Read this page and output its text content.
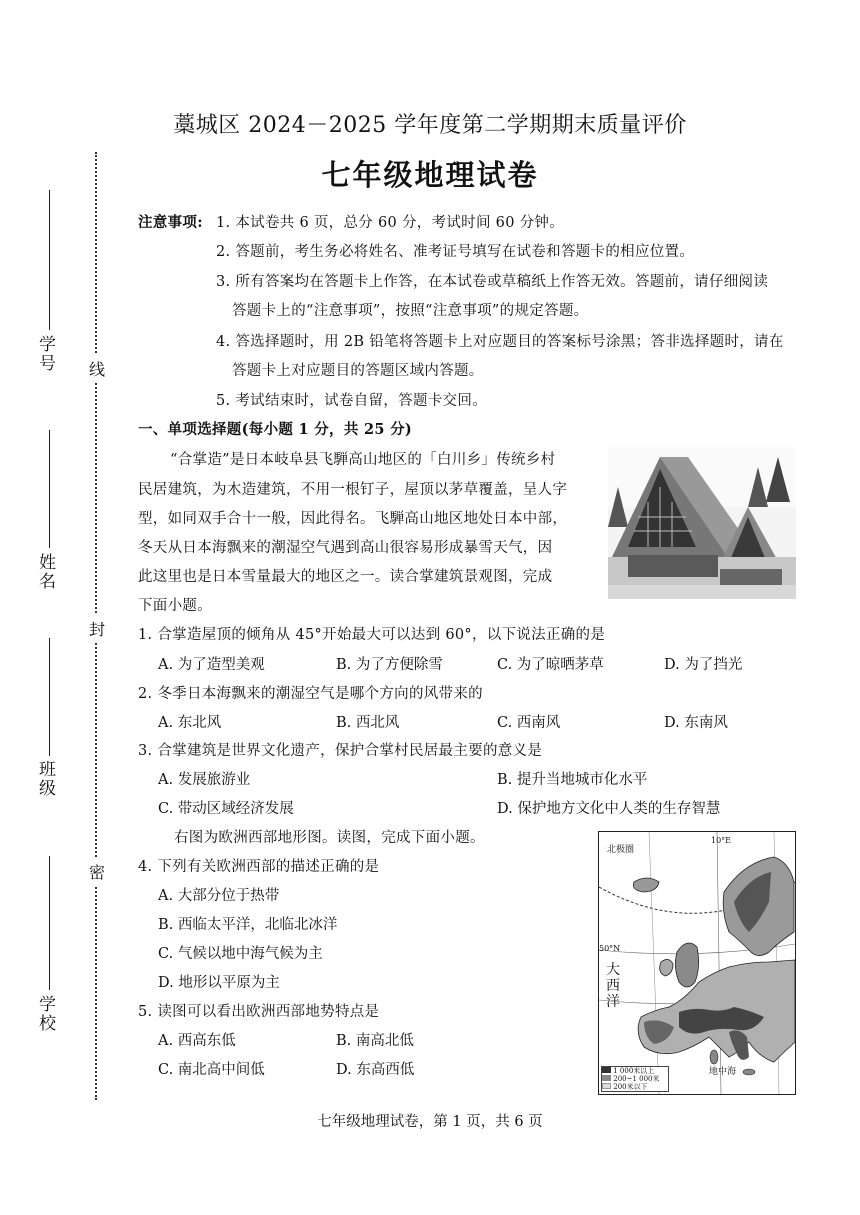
学号
姓名
班级
学校
线
封
密
藁城区 2024－2025 学年度第二学期期末质量评价
七年级地理试卷
注意事项: 1. 本试卷共 6 页，总分 60 分，考试时间 60 分钟。
2. 答题前，考生务必将姓名、准考证号填写在试卷和答题卡的相应位置。
3. 所有答案均在答题卡上作答，在本试卷或草稿纸上作答无效。答题前，请仔细阅读
答题卡上的“注意事项”，按照“注意事项”的规定答题。
4. 答选择题时，用 2B 铅笔将答题卡上对应题目的答案标号涂黑；答非选择题时，请在
答题卡上对应题目的答题区域内答题。
5. 考试结束时，试卷自留，答题卡交回。
一、单项选择题(每小题 1 分，共 25 分)
“合掌造”是日本岐阜县飞騨高山地区的「白川乡」传统乡村
民居建筑，为木造建筑，不用一根钉子，屋顶以茅草覆盖，呈人字
型，如同双手合十一般，因此得名。飞騨高山地区地处日本中部，
冬天从日本海飘来的潮湿空气遇到高山很容易形成暴雪天气，因
此这里也是日本雪量最大的地区之一。读合掌建筑景观图，完成
下面小题。
1. 合掌造屋顶的倾角从 45°开始最大可以达到 60°，以下说法正确的是
A. 为了造型美观	B. 为了方便除雪	C. 为了晾晒茅草	D. 为了挡光
2. 冬季日本海飘来的潮湿空气是哪个方向的风带来的
A. 东北风	B. 西北风	C. 西南风	D. 东南风
3. 合掌建筑是世界文化遗产，保护合掌村民居最主要的意义是
A. 发展旅游业	B. 提升当地城市化水平
C. 带动区域经济发展	D. 保护地方文化中人类的生存智慧
右图为欧洲西部地形图。读图，完成下面小题。
4. 下列有关欧洲西部的描述正确的是
A. 大部分位于热带
B. 西临太平洋，北临北冰洋
C. 气候以地中海气候为主
D. 地形以平原为主
5. 读图可以看出欧洲西部地势特点是
A. 西高东低	B. 南高北低
C. 南北高中间低	D. 东高西低
北极圈
10°E
50°N
大西洋
地中海
1 000米以上
200~1 000米
200米以下
七年级地理试卷，第 1 页，共 6 页
